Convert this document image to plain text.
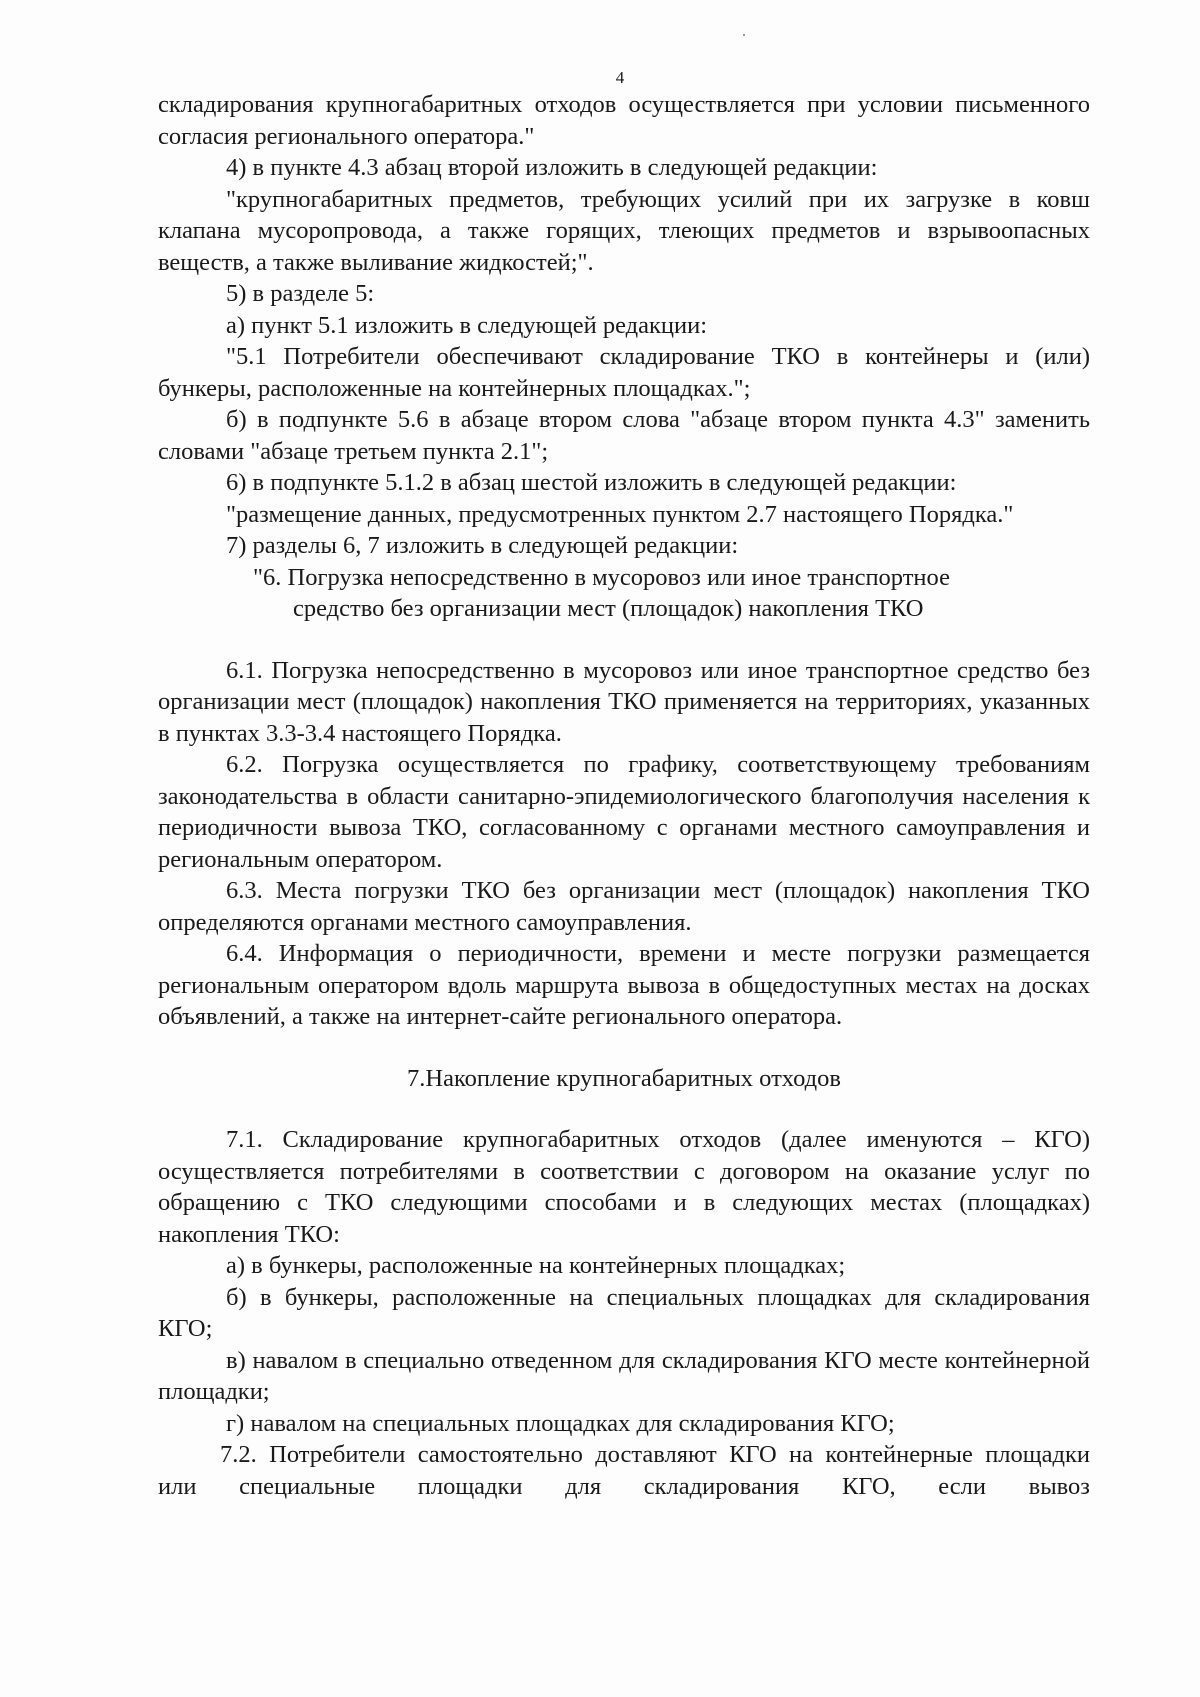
4

складирования крупногабаритных отходов осуществляется при условии письменного согласия регионального оператора."

4) в пункте 4.3 абзац второй изложить в следующей редакции:

"крупногабаритных предметов, требующих усилий при их загрузке в ковш клапана мусоропровода, а также горящих, тлеющих предметов и взрывоопасных веществ, а также выливание жидкостей;".

5) в разделе 5:

а) пункт 5.1 изложить в следующей редакции:

"5.1 Потребители обеспечивают складирование ТКО в контейнеры и (или) бункеры, расположенные на контейнерных площадках.";

б) в подпункте 5.6 в абзаце втором слова "абзаце втором пункта 4.3" заменить словами "абзаце третьем пункта 2.1";

6) в подпункте 5.1.2 в абзац шестой изложить в следующей редакции:

"размещение данных, предусмотренных пунктом 2.7 настоящего Порядка."

7) разделы 6, 7 изложить в следующей редакции:

"6. Погрузка непосредственно в мусоровоз или иное транспортное
средство без организации мест (площадок) накопления ТКО

6.1. Погрузка непосредственно в мусоровоз или иное транспортное средство без организации мест (площадок) накопления ТКО применяется на территориях, указанных в пунктах 3.3-3.4 настоящего Порядка.

6.2. Погрузка осуществляется по графику, соответствующему требованиям законодательства в области санитарно-эпидемиологического благополучия населения к периодичности вывоза ТКО, согласованному с органами местного самоуправления и региональным оператором.

6.3. Места погрузки ТКО без организации мест (площадок) накопления ТКО определяются органами местного самоуправления.

6.4. Информация о периодичности, времени и месте погрузки размещается региональным оператором вдоль маршрута вывоза в общедоступных местах на досках объявлений, а также на интернет-сайте регионального оператора.

7.Накопление крупногабаритных отходов

7.1. Складирование крупногабаритных отходов (далее именуются – КГО) осуществляется потребителями в соответствии с договором на оказание услуг по обращению с ТКО следующими способами и в следующих местах (площадках) накопления ТКО:

а) в бункеры, расположенные на контейнерных площадках;

б) в бункеры, расположенные на специальных площадках для складирования КГО;

в) навалом в специально отведенном для складирования КГО месте контейнерной площадки;

г) навалом на специальных площадках для складирования КГО;

7.2. Потребители самостоятельно доставляют КГО на контейнерные площадки или специальные площадки для складирования КГО, если вывоз
